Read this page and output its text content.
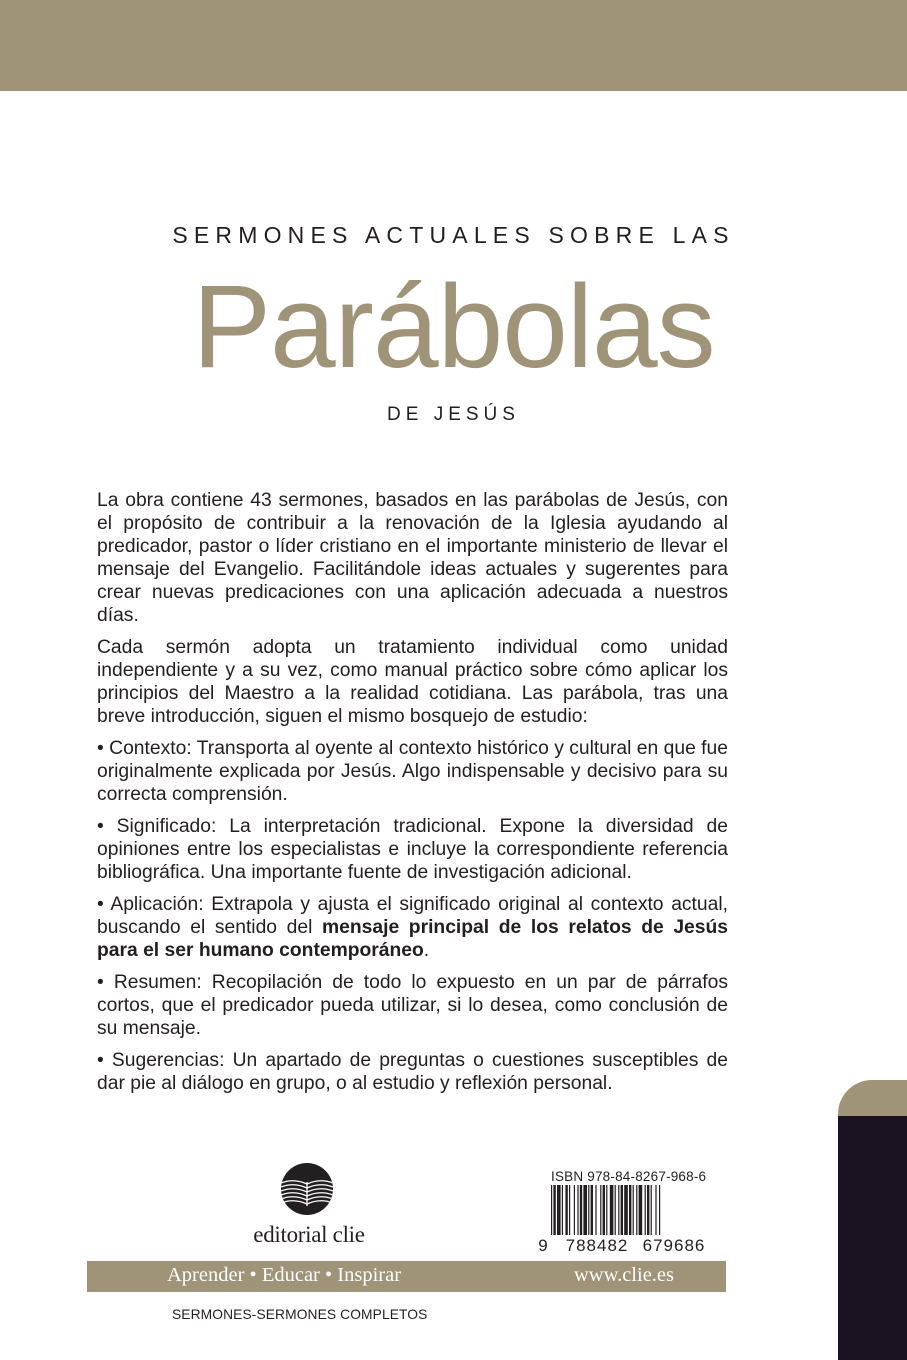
SERMONES ACTUALES SOBRE LAS
Parábolas
DE JESÚS

La obra contiene 43 sermones, basados en las parábolas de Jesús, con el propósito de contribuir a la renovación de la Iglesia ayudando al predicador, pastor o líder cristiano en el importante ministerio de llevar el mensaje del Evangelio. Facilitándole ideas actuales y sugerentes para crear nuevas predicaciones con una aplicación adecuada a nuestros días.

Cada sermón adopta un tratamiento individual como unidad independiente y a su vez, como manual práctico sobre cómo aplicar los principios del Maestro a la realidad cotidiana. Las parábola, tras una breve introducción, siguen el mismo bosquejo de estudio:

• Contexto: Transporta al oyente al contexto histórico y cultural en que fue originalmente explicada por Jesús. Algo indispensable y decisivo para su correcta comprensión.

• Significado: La interpretación tradicional. Expone la diversidad de opiniones entre los especialistas e incluye la correspondiente referencia bibliográfica. Una importante fuente de investigación adicional.

• Aplicación: Extrapola y ajusta el significado original al contexto actual, buscando el sentido del mensaje principal de los relatos de Jesús para el ser humano contemporáneo.

• Resumen: Recopilación de todo lo expuesto en un par de párrafos cortos, que el predicador pueda utilizar, si lo desea, como conclusión de su mensaje.

• Sugerencias: Un apartado de preguntas o cuestiones susceptibles de dar pie al diálogo en grupo, o al estudio y reflexión personal.

editorial clie
ISBN 978-84-8267-968-6
9 788482 679686
Aprender • Educar • Inspirar	www.clie.es
SERMONES-SERMONES COMPLETOS
